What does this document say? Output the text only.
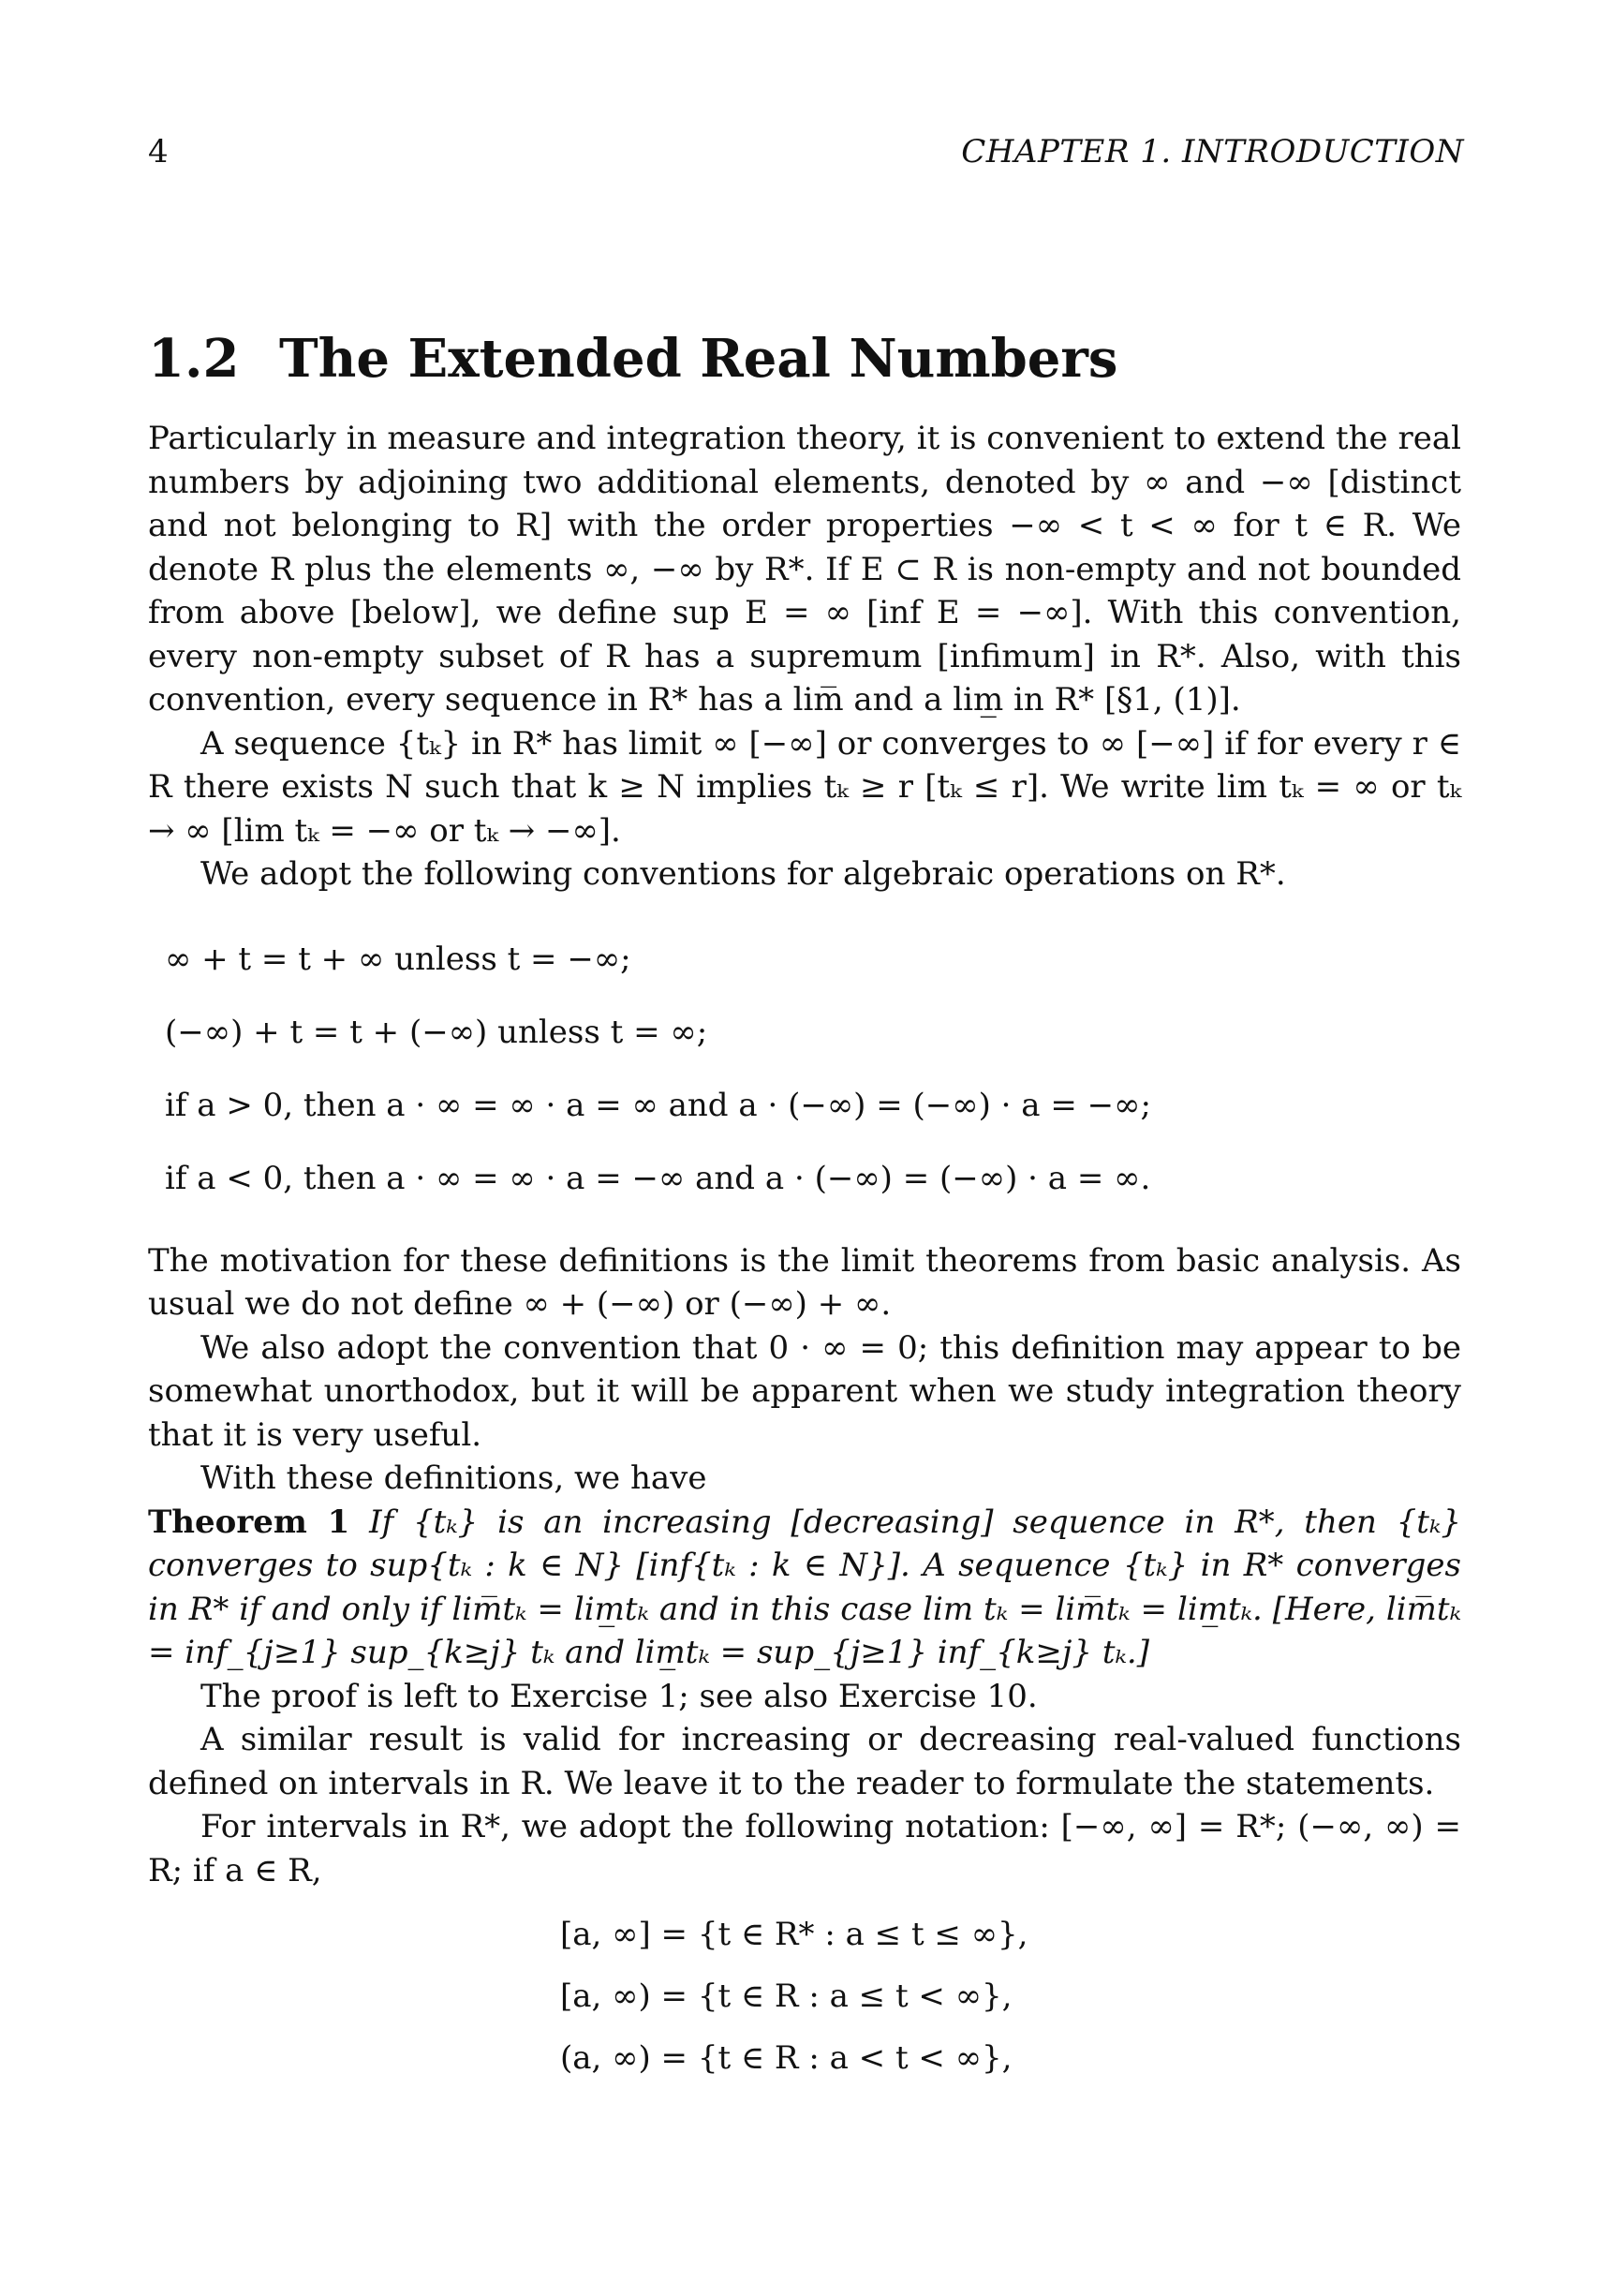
4	CHAPTER 1. INTRODUCTION
1.2 The Extended Real Numbers

Particularly in measure and integration theory, it is convenient to extend the real numbers by adjoining two additional elements, denoted by ∞ and −∞ [distinct and not belonging to R] with the order properties −∞ < t < ∞ for t ∈ R. We denote R plus the elements ∞, −∞ by R*. If E ⊂ R is non-empty and not bounded from above [below], we define sup E = ∞ [inf E = −∞]. With this convention, every non-empty subset of R has a supremum [infimum] in R*. Also, with this convention, every sequence in R* has a lim̅ and a lim̲ in R* [§1, (1)].

A sequence {tₖ} in R* has limit ∞ [−∞] or converges to ∞ [−∞] if for every r ∈ R there exists N such that k ≥ N implies tₖ ≥ r [tₖ ≤ r]. We write lim tₖ = ∞ or tₖ → ∞ [lim tₖ = −∞ or tₖ → −∞].

We adopt the following conventions for algebraic operations on R*.

∞ + t = t + ∞ unless t = −∞;
(−∞) + t = t + (−∞) unless t = ∞;
if a > 0, then a · ∞ = ∞ · a = ∞ and a · (−∞) = (−∞) · a = −∞;
if a < 0, then a · ∞ = ∞ · a = −∞ and a · (−∞) = (−∞) · a = ∞.

The motivation for these definitions is the limit theorems from basic analysis. As usual we do not define ∞ + (−∞) or (−∞) + ∞.

We also adopt the convention that 0 · ∞ = 0; this definition may appear to be somewhat unorthodox, but it will be apparent when we study integration theory that it is very useful.

With these definitions, we have

Theorem 1 If {tₖ} is an increasing [decreasing] sequence in R*, then {tₖ} converges to sup{tₖ : k ∈ N} [inf{tₖ : k ∈ N}]. A sequence {tₖ} in R* converges in R* if and only if lim̅tₖ = lim̲tₖ and in this case lim tₖ = lim̅tₖ = lim̲tₖ. [Here, lim̅tₖ = inf_{j≥1} sup_{k≥j} tₖ and lim̲tₖ = sup_{j≥1} inf_{k≥j} tₖ.]

The proof is left to Exercise 1; see also Exercise 10.

A similar result is valid for increasing or decreasing real-valued functions defined on intervals in R. We leave it to the reader to formulate the statements.

For intervals in R*, we adopt the following notation: [−∞, ∞] = R*; (−∞, ∞) = R; if a ∈ R,

[a, ∞] = {t ∈ R* : a ≤ t ≤ ∞},
[a, ∞) = {t ∈ R : a ≤ t < ∞},
(a, ∞) = {t ∈ R : a < t < ∞},
